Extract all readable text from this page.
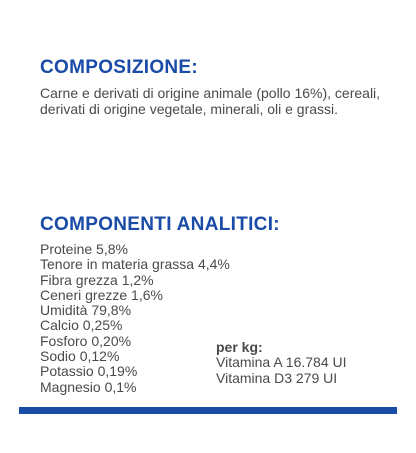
COMPOSIZIONE:

Carne e derivati di origine animale (pollo 16%), cereali, derivati di origine vegetale, minerali, oli e grassi.

COMPONENTI ANALITICI:
Proteine 5,8%
Tenore in materia grassa 4,4%
Fibra grezza 1,2%
Ceneri grezze 1,6%
Umidità 79,8%
Calcio 0,25%
Fosforo 0,20%
Sodio 0,12%
Potassio 0,19%
Magnesio 0,1%
per kg:
Vitamina A 16.784 UI
Vitamina D3 279 UI
